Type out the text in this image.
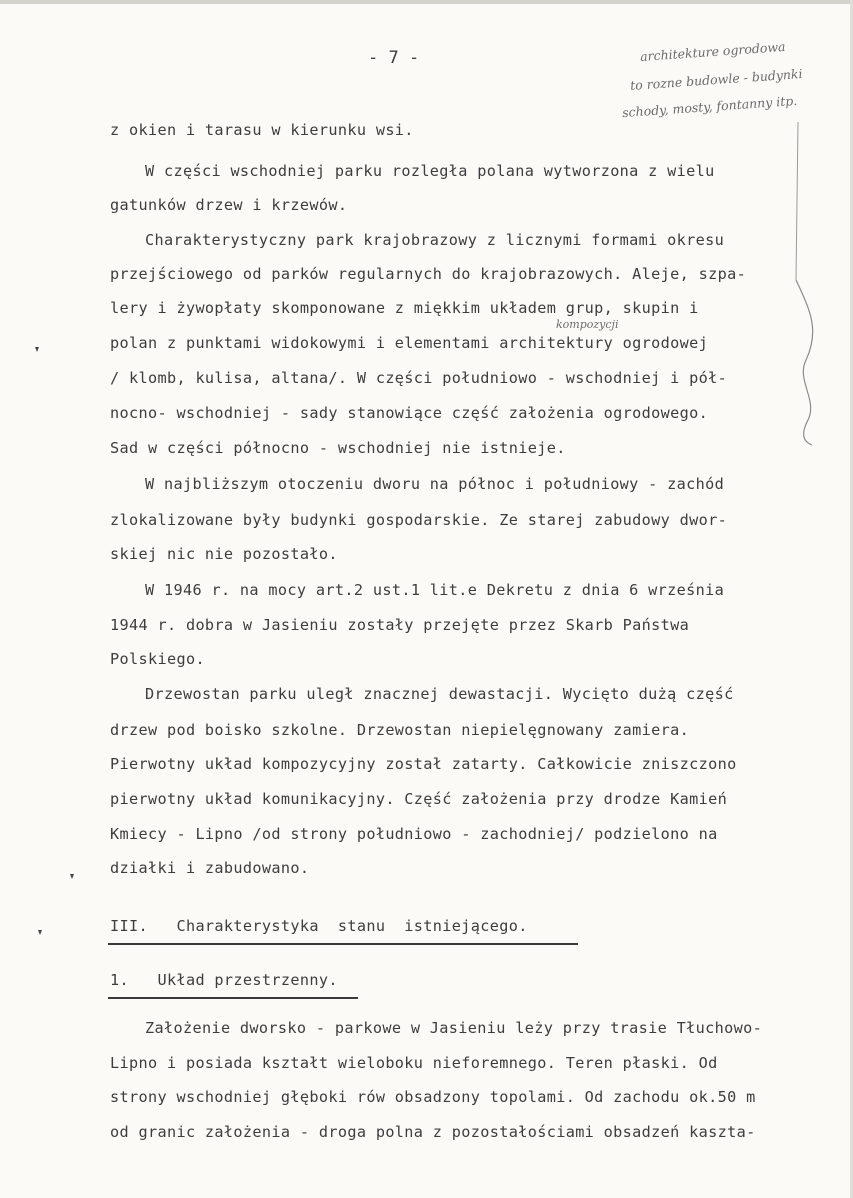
- 7 -	architekture ogrodowa
to rozne budowle - budynki
schody, mosty, fontanny itp.
kompozycji
z okien i tarasu w kierunku wsi.
W części wschodniej parku rozległa polana wytworzona z wielu
gatunków drzew i krzewów.
Charakterystyczny park krajobrazowy z licznymi formami okresu
przejściowego od parków regularnych do krajobrazowych. Aleje, szpa-
lery i żywopłaty skomponowane z miękkim układem grup, skupin i
polan z punktami widokowymi i elementami architektury ogrodowej
/ klomb, kulisa, altana/. W części południowo - wschodniej i pół-
nocno- wschodniej - sady stanowiące część założenia ogrodowego.
Sad w części północno - wschodniej nie istnieje.
W najbliższym otoczeniu dworu na północ i południowy - zachód
zlokalizowane były budynki gospodarskie. Ze starej zabudowy dwor-
skiej nic nie pozostało.
W 1946 r. na mocy art.2 ust.1 lit.e Dekretu z dnia 6 września
1944 r. dobra w Jasieniu zostały przejęte przez Skarb Państwa
Polskiego.
Drzewostan parku uległ znacznej dewastacji. Wycięto dużą część
drzew pod boisko szkolne. Drzewostan niepielęgnowany zamiera.
Pierwotny układ kompozycyjny został zatarty. Całkowicie zniszczono
pierwotny układ komunikacyjny. Część założenia przy drodze Kamień
Kmiecy - Lipno /od strony południowo - zachodniej/ podzielono na
działki i zabudowano.
III.   Charakterystyka  stanu  istniejącego.
1.   Układ przestrzenny.
Założenie dworsko - parkowe w Jasieniu leży przy trasie Tłuchowo-
Lipno i posiada kształt wieloboku nieforemnego. Teren płaski. Od
strony wschodniej głęboki rów obsadzony topolami. Od zachodu ok.50 m
od granic założenia - droga polna z pozostałościami obsadzeń kaszta-
